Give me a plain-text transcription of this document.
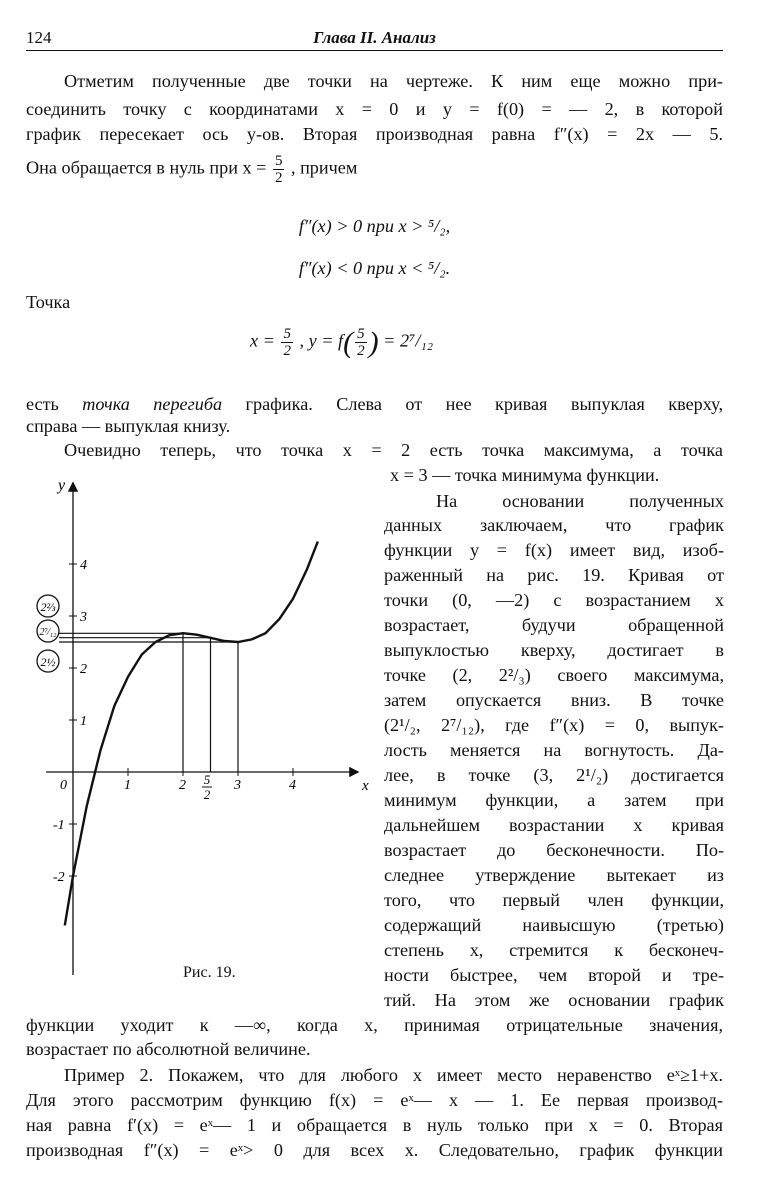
124	Глава II. Анализ
Отметим полученные две точки на чертеже. К ним еще можно при-
соединить точку с координатами x = 0 и y = f(0) = — 2, в которой
график пересекает ось y-ов. Вторая производная равна f″(x) = 2x — 5.
Она обращается в нуль при $x = \frac{5}{2}$ , причем
f″(x) > 0 при x > ⁵/₂,
f″(x) < 0 при x < ⁵/₂.
Точка
$x = \frac{5}{2}$ , $y = f( \frac{5}{2}$ ) = 2⁷/₁₂
есть точка перегиба графика. Слева от нее кривая выпуклая кверху,
справа — выпуклая книзу.
Очевидно теперь, что точка x = 2 есть точка максимума, а точка
x = 3 — точка минимума функции.
На основании полученных
данных заключаем, что график
функции y = f(x) имеет вид, изоб-
раженный на рис. 19. Кривая от
точки (0, —2) с возрастанием x
возрастает, будучи обращенной
выпуклостью кверху, достигает в
точке (2, 2²/₃) своего максимума,
затем опускается вниз. В точке
(2¹/₂, 2⁷/₁₂), где f″(x) = 0, выпук-
лость меняется на вогнутость. Да-
лее, в точке (3, 2¹/₂) достигается
минимум функции, а затем при
дальнейшем возрастании x кривая
возрастает до бесконечности. По-
следнее утверждение вытекает из
того, что первый член функции,
содержащий наивысшую (третью)
степень x, стремится к бесконеч-
ности быстрее, чем второй и тре-
тий. На этом же основании график
функции уходит к —∞, когда x, принимая отрицательные значения,
возрастает по абсолютной величине.
Пример 2. Покажем, что для любого x имеет место неравенство eˣ≥1+x.
Для этого рассмотрим функцию f(x) = eˣ— x — 1. Ее первая производ-
ная равна f′(x) = eˣ— 1 и обращается в нуль только при x = 0. Вторая
производная f″(x) = eˣ> 0 для всех x. Следовательно, график функции
x
y
0	1	2	3	4
4
3
2
1
-1
-2
5
2
2⅔
2⁷⁄₁₂
2½
Рис. 19.
